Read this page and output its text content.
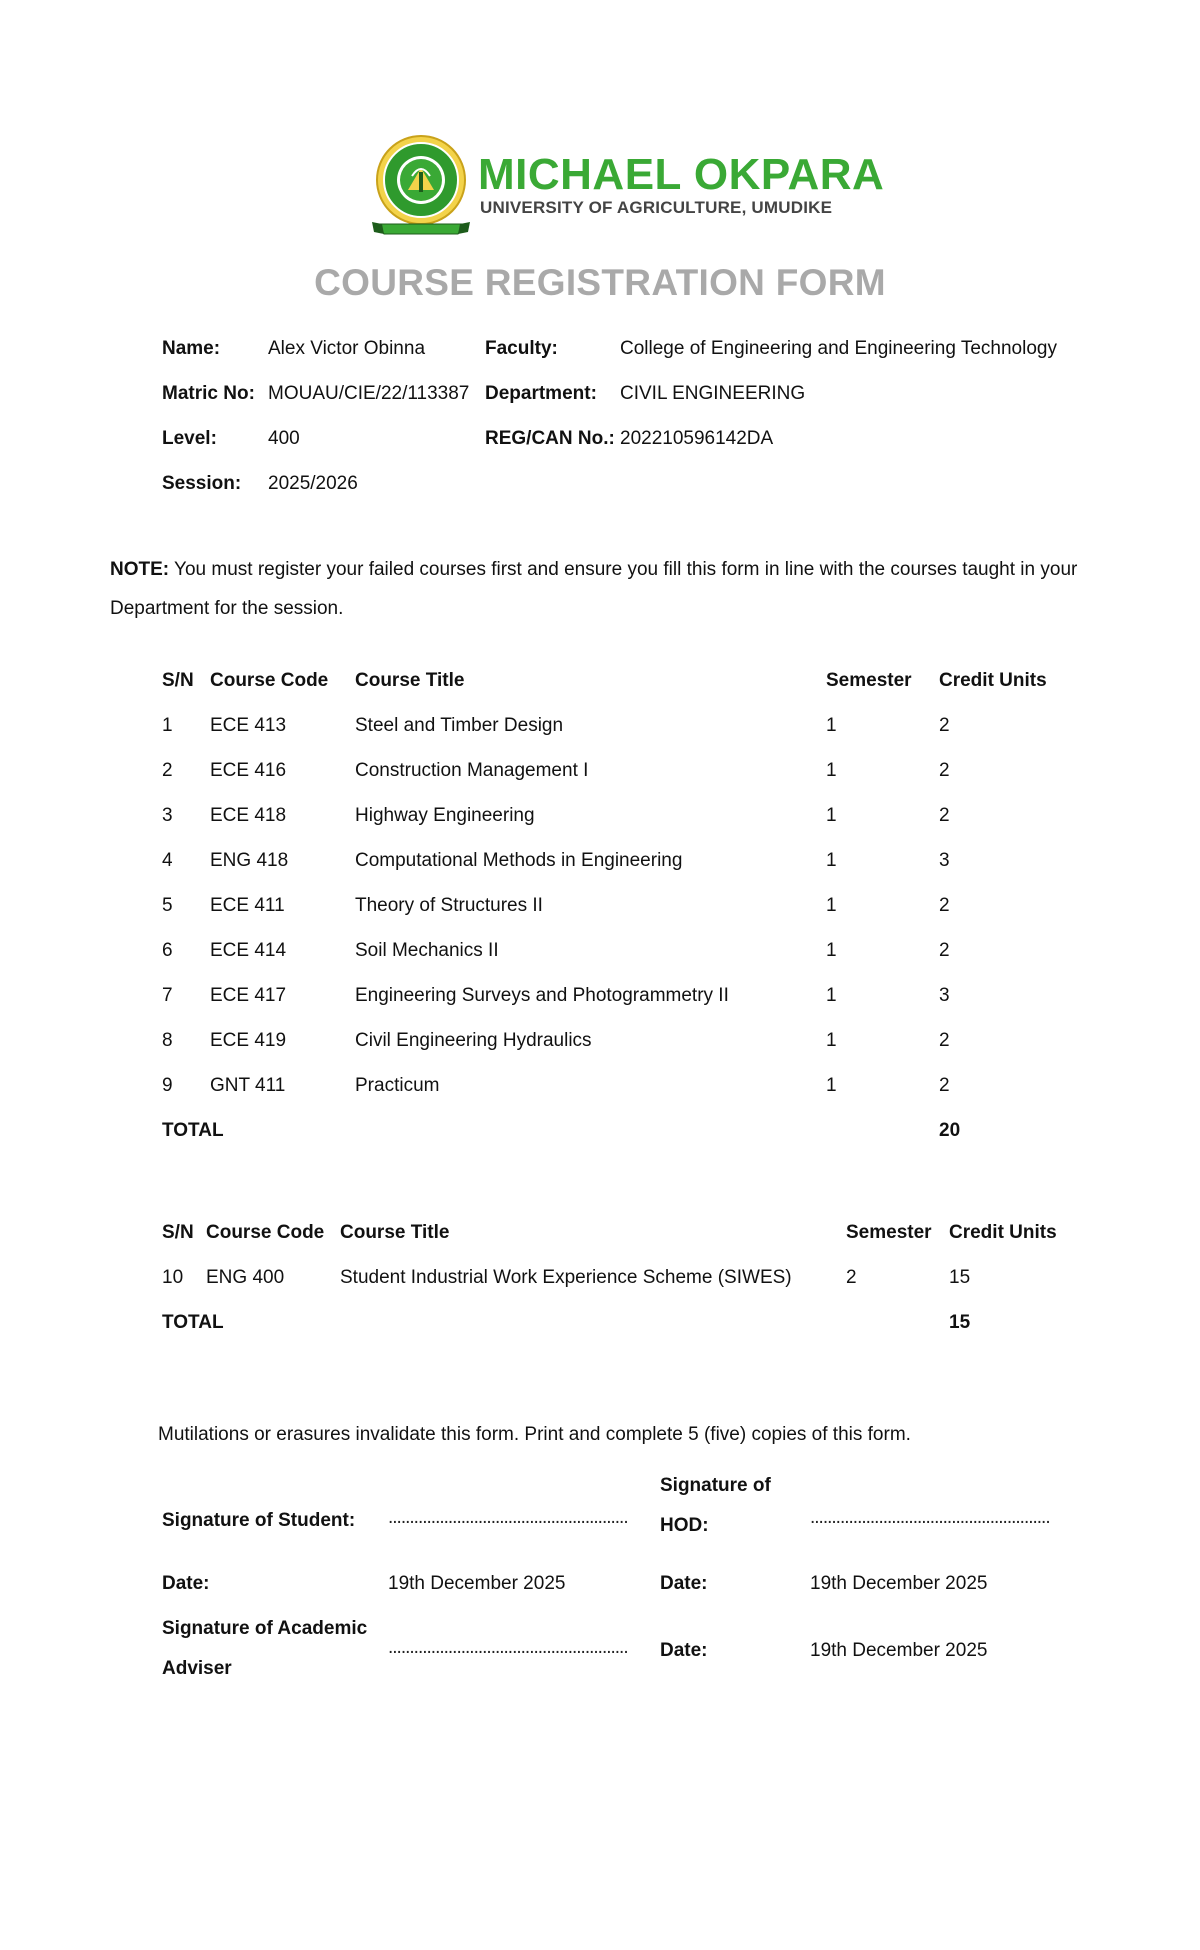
MICHAEL OKPARA
UNIVERSITY OF AGRICULTURE, UMUDIKE
COURSE REGISTRATION FORM
Name:	Alex Victor Obinna	Faculty:	College of Engineering and Engineering Technology
Matric No: MOUAU/CIE/22/113387 Department: CIVIL ENGINEERING
Level:	400	REG/CAN No.: 202210596142DA
Session: 2025/2026
NOTE: You must register your failed courses first and ensure you fill this form in line with the courses taught in your Department for the session.
S/N Course Code Course Title	Semester Credit Units
1 ECE 413	Steel and Timber Design	1	2
2 ECE 416	Construction Management I	1	2
3 ECE 418	Highway Engineering	1	2
4 ENG 418	Computational Methods in Engineering	1	3
5 ECE 411	Theory of Structures II	1	2
6 ECE 414	Soil Mechanics II	1	2
7 ECE 417	Engineering Surveys and Photogrammetry II	1	3
8 ECE 419	Civil Engineering Hydraulics	1	2
9 GNT 411	Practicum	1	2
TOTAL	20
S/N Course Code Course Title	Semester Credit Units
10 ENG 400	Student Industrial Work Experience Scheme (SIWES)	2	15
TOTAL	15
Mutilations or erasures invalidate this form. Print and complete 5 (five) copies of this form.
Signature of Student: ........................................................
Signature of
HOD:	........................................................
Date:	19th December 2025	Date:	19th December 2025
Signature of Academic
Adviser
........................................................	Date:	19th December 2025
